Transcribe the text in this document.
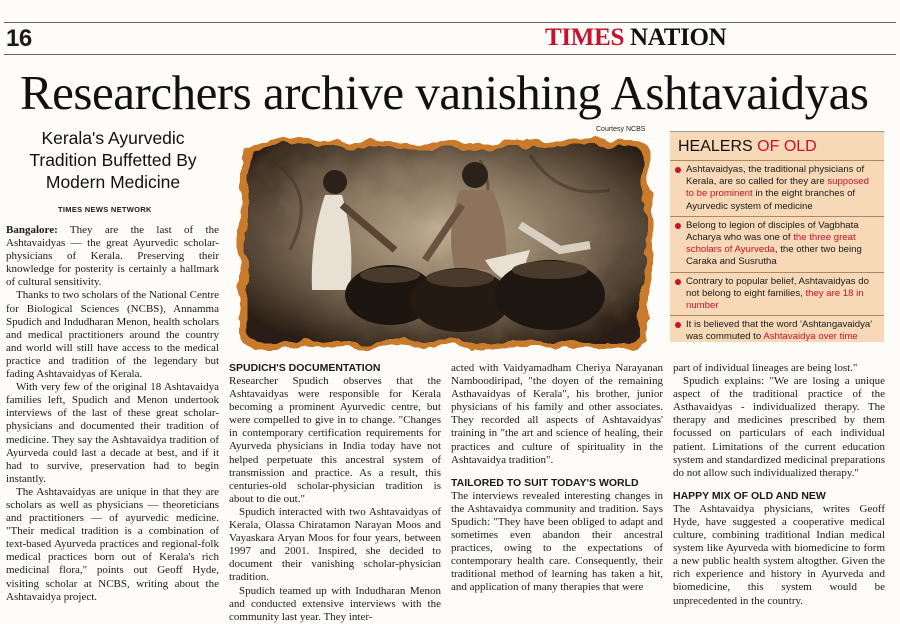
16	TIMES NATION
Researchers archive vanishing Ashtavaidyas
Kerala's Ayurvedic Tradition Buffetted By Modern Medicine
TIMES NEWS NETWORK
Courtesy NCBS
HEALERS OF OLD
Ashtavaidyas, the traditional physicians of Kerala, are so called for they are supposed to be prominent in the eight branches of Ayurvedic system of medicine
Belong to legion of disciples of Vagbhata Acharya who was one of the three great scholars of Ayurveda, the other two being Caraka and Susrutha
Contrary to popular belief, Ashtavaidyas do not belong to eight families, they are 18 in number
It is believed that the word 'Ashtangavaidya' was commuted to Ashtavaidya over time

Bangalore: They are the last of the Ashtavaidyas — the great Ayurvedic scholar-physicians of Kerala. Preserving their knowledge for posterity is certainly a hallmark of cultural sensitivity.

Thanks to two scholars of the National Centre for Biological Sciences (NCBS), Annamma Spudich and Indudharan Menon, health scholars and medical practitioners around the country and world will still have access to the medical practice and tradition of the legendary but fading Ashtavaidyas of Kerala.

With very few of the original 18 Ashtavaidya families left, Spudich and Menon undertook interviews of the last of these great scholar-physicians and documented their tradition of medicine. They say the Ashtavaidya tradition of Ayurveda could last a decade at best, and if it had to survive, preservation had to begin instantly.

The Ashtavaidyas are unique in that they are scholars as well as physicians — theoreticians and practitioners — of ayurvedic medicine. "Their medical tradition is a combination of text-based Ayurveda practices and regional-folk medical practices born out of Kerala's rich medicinal flora," points out Geoff Hyde, visiting scholar at NCBS, writing about the Ashtavaidya project.

SPUDICH'S DOCUMENTATION

Researcher Spudich observes that the Ashtavaidyas were responsible for Kerala becoming a prominent Ayurvedic centre, but were compelled to give in to change. "Changes in contemporary certification requirements for Ayurveda physicians in India today have not helped perpetuate this ancestral system of transmission and practice. As a result, this centuries-old scholar-physician tradition is about to die out."

Spudich interacted with two Ashtavaidyas of Kerala, Olassa Chiratamon Narayan Moos and Vayaskara Aryan Moos for four years, between 1997 and 2001. Inspired, she decided to document their vanishing scholar-physician tradition.

Spudich teamed up with Indudharan Menon and conducted extensive interviews with the community last year. They inter-

acted with Vaidyamadham Cheriya Narayanan Namboodiripad, "the doyen of the remaining Asthavaidyas of Kerala", his brother, junior physicians of his family and other associates. They recorded all aspects of Ashtavaidyas' training in "the art and science of healing, their practices and culture of spirituality in the Ashtavaidya tradition".

TAILORED TO SUIT TODAY'S WORLD

The interviews revealed interesting changes in the Ashtavaidya community and tradition. Says Spudich: "They have been obliged to adapt and sometimes even abandon their ancestral practices, owing to the expectations of contemporary health care. Consequently, their traditional method of learning has taken a hit, and application of many therapies that were

part of individual lineages are being lost."

Spudich explains: "We are losing a unique aspect of the traditional practice of the Asthavaidyas - individualized therapy. The therapy and medicines prescribed by them focussed on particulars of each individual patient. Limitations of the current education system and standardized medicinal preparations do not allow such individualized therapy."

HAPPY MIX OF OLD AND NEW

The Ashtavaidya physicians, writes Geoff Hyde, have suggested a cooperative medical culture, combining traditional Indian medical system like Ayurveda with biomedicine to form a new public health system altogther. Given the rich experience and history in Ayurveda and biomedicine, this system would be unprecedented in the country.
